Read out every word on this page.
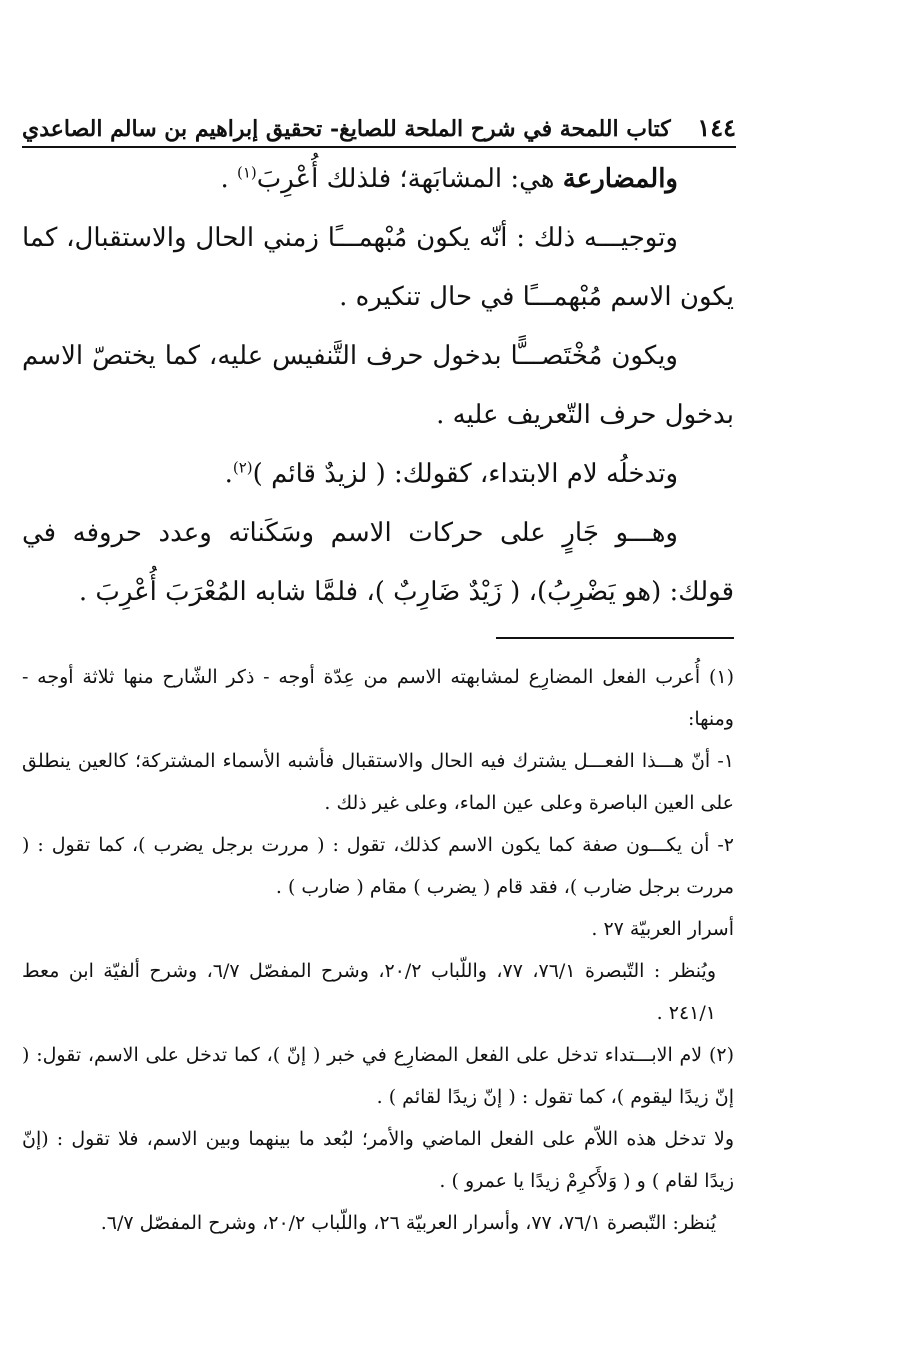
كتاب اللمحة في شرح الملحة للصايغ- تحقيق إبراهيم بن سالم الصاعدي ١٤٤

والمضارعة هي: المشابَهة؛ فلذلك أُعْرِبَ$^{(١)}$ .

وتوجيـــه ذلك : أنّه يكون مُبْهمـــًا زمني الحال والاستقبال، كما يكون الاسم مُبْهمـــًا في حال تنكيره .

ويكون مُخْتَصـــًّا بدخول حرف التَّنفيس عليه، كما يختصّ الاسم بدخول حرف التّعريف عليه .

وتدخلُه لام الابتداء، كقولك: ( لزيدٌ قائم )$^{(٢)}$.

وهـــو جَارٍ على حركات الاسم وسَكَناته وعدد حروفه في قولك: (هو يَضْرِبُ)، ( زَيْدٌ ضَارِبٌ )، فلمَّا شابه المُعْرَبَ أُعْرِبَ .

(١) أُعرب الفعل المضارِع لمشابهته الاسم من عِدّة أوجه - ذكر الشّارح منها ثلاثة أوجه - ومنها:

١- أنّ هـــذا الفعـــل يشترك فيه الحال والاستقبال فأشبه الأسماء المشتركة؛ كالعين ينطلق على العين الباصرة وعلى عين الماء، وعلى غير ذلك .

٢- أن يكـــون صفة كما يكون الاسم كذلك، تقول : ( مررت برجل يضرب )، كما تقول : ( مررت برجل ضارب )، فقد قام ( يضرب ) مقام ( ضارب ) .

أسرار العربيّة ٢٧ .

ويُنظر : التّبصرة ٧٦/١، ٧٧، واللّباب ٢٠/٢، وشرح المفصّل ٦/٧، وشرح ألفيّة ابن معط ٢٤١/١ .

(٢) لام الابـــتداء تدخل على الفعل المضارِع في خبر ( إنّ )، كما تدخل على الاسم، تقول: ( إنّ زيدًا ليقوم )، كما تقول : ( إنّ زيدًا لقائم ) .

ولا تدخل هذه اللاّم على الفعل الماضي والأمر؛ لبُعد ما بينهما وبين الاسم، فلا تقول : (إنّ زيدًا لقام ) و ( وَلأَكرِمْ زيدًا يا عمرو ) .

يُنظر: التّبصرة ٧٦/١، ٧٧، وأسرار العربيّة ٢٦، واللّباب ٢٠/٢، وشرح المفصّل ٦/٧.
